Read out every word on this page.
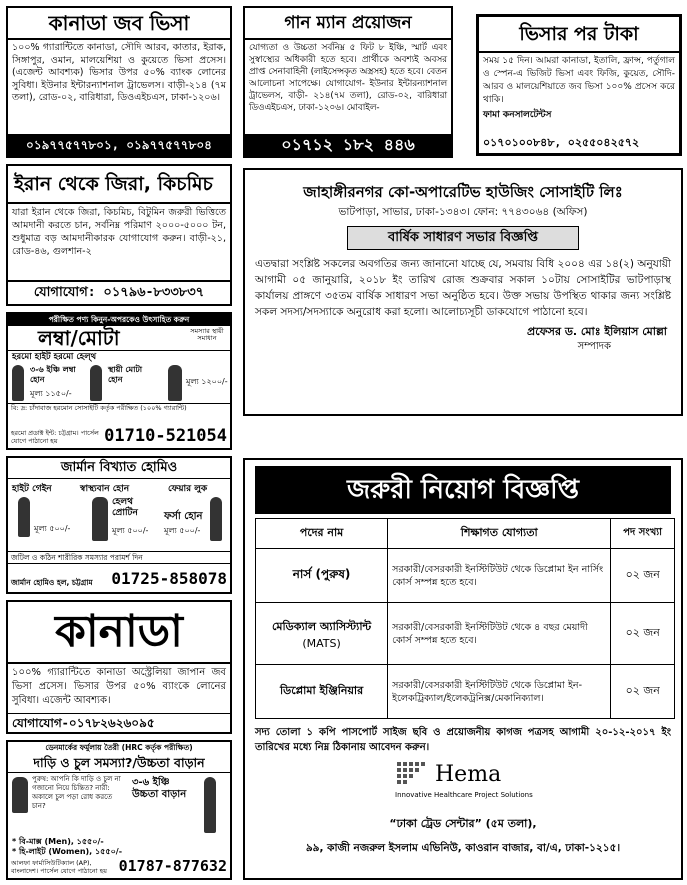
কানাডা জব ভিসা
১০০% গ্যারান্টিতে কানাডা, সৌদি আরব, কাতার, ইরাক, সিঙ্গাপুর, ওমান, মালয়েশিয়া ও কুয়েতে ভিসা প্রসেস। (এজেন্ট আবশ্যক) ভিসার উপর ৫০% ব্যাংক লোনের সুবিধা। ইউনার ইন্টারন্যাশনাল ট্রাভেলস। বাড়ী-২১৪ (৭ম তলা), রোড-০২, বারিধারা, ডিওএইচএস, ঢাকা-১২০৬।
০১৯৭৭৫৭৭৮০১, ০১৯৭৭৫৭৭৮০৪
ইরান থেকে জিরা, কিচমিচ
যারা ইরান থেকে জিরা, কিচমিচ, বিটুমিন জরুরী ভিত্তিতে আমদানী করতে চান, সর্বনিম্ন পরিমাণ ২০০০-৫০০০ টন, শুধুমাত্র বড় আমদানীকারক যোগাযোগ করুন। বাড়ী-২১, রোড-৪৬, গুলশান-২
যোগাযোগ: ০১৭৯৬-৮৩৩৮৩৭
পরীক্ষিত পণ্য কিনুন-অপরকেও উৎসাহিত করুন
লম্বা/মোটা	সমস্যার স্থায়ী সমাধান
হরমো হাইট হরমো হেল্থ
৩-৬ ইঞ্চি লম্বা হোন
মূল্য ১১৫০/-
স্থায়ী মোটা হোন	মূল্য ১২০০/-
বি: দ্র: চাঁদাবাজ হরমোন সোসাইটি কর্তৃক পরীক্ষিত (১০০% গ্যারান্টি)
হরমো প্রডাক্ট ইন্ট: চট্টগ্রাম। পার্সেল যোগে পাঠানো হয়	01710-521054
জার্মান বিখ্যাত হোমিও
হাইট গেইন
মূল্য ৫০০/-
স্বাস্থ্যবান হোন
হেলথ প্রোটিন
মূল্য ৫০০/-
ফেয়ার লুক
ফর্সা হোন
মূল্য ৫০০/-
জটিল ও কঠিন শারীরিক সমস্যার পরামর্শ দিন
জার্মান হোমিও হল, চট্টগ্রাম	01725-858078
কানাডা
১০০% গ্যারান্টিতে কানাডা অস্ট্রেলিয়া জাপান জব ভিসা প্রসেস। ভিসার উপর ৫০% ব্যাংকে লোনের সুবিধা। এজেন্ট আবশ্যক।
যোগাযোগ-০১৭৮২৬২৬০৯৫
ডেনমার্কের ফর্মুলায় তৈরী (HRC কর্তৃক পরীক্ষিত)
দাড়ি ও চুল সমস্যা?/উচ্চতা বাড়ান
পুরুষ: আপনি কি দাড়ি ও চুল না গজানো নিয়ে চিন্তিত? নারী: অকালে চুল পড়া রোধ করতে চান?
৩-৬ ইঞ্চি উচ্চতা বাড়ান
* বি-মাক্স (Men), ১৫৫০/-
* হি-লাইট (Women), ১৫৫০/-
আলফা ফার্মাসিউটিক্যাল (AP), বাংলাদেশ। পার্সেল যোগে পাঠানো হয় 01787-877632
গান ম্যান প্রয়োজন
যোগ্যতা ও উচ্চতা সর্বনিম্ন ৫ ফিট ৮ ইঞ্চি, স্মার্ট এবং সুস্বাস্থ্যের অধিকারী হতে হবে। প্রার্থীকে অবশ্যই অবসর প্রাপ্ত সেনাবাহিনী (লাইসেন্সকৃত অস্ত্রসহ) হতে হবে। বেতন আলোচনা সাপেক্ষে। যোগাযোগ- ইউনার ইন্টারন্যাশনাল ট্রাভেলস, বাড়ী- ২১৪(৭ম তলা), রোড-০২, বারিধারা ডিওএইচএস, ঢাকা-১২০৬। মোবাইল-
০১৭১২ ১৮২ ৪৪৬
ভিসার পর টাকা
সময় ১৫ দিন। আমরা কানাডা, ইতালি, ফ্রান্স, পর্তুগাল ও স্পেন-এ ভিজিট ভিসা এবং ফিজি, কুয়েত, সৌদি-আরব ও মালয়েশিয়াতে জব ভিসা ১০০% প্রসেস করে থাকি।
ফামা কনসালটেন্টস
০১৭০১০০৮৪৮, ০২৫৫০৪২৫৭২
জাহাঙ্গীরনগর কো-অপারেটিভ হাউজিং সোসাইটি লিঃ
ভাটপাড়া, সাভার, ঢাকা-১৩৪৩। ফোন: ৭৭৪৩০৬৪ (অফিস)
বার্ষিক সাধারণ সভার বিজ্ঞপ্তি
এতদ্বারা সংশ্লিষ্ট সকলের অবগতির জন্য জানানো যাচ্ছে যে, সমবায় বিধি ২০০৪ এর ১৪(২) অনুযায়ী আগামী ০৫ জানুয়ারি, ২০১৮ ইং তারিখ রোজ শুক্রবার সকাল ১০টায় সোসাইটির ভাটপাড়াস্থ কার্যালয় প্রাঙ্গণে ৩৫তম বার্ষিক সাধারণ সভা অনুষ্ঠিত হবে। উক্ত সভায় উপস্থিত থাকার জন্য সংশ্লিষ্ট সকল সদস্য/সদস্যাকে অনুরোধ করা হলো। আলোচ্যসূচী ডাকযোগে পাঠানো হবে।
প্রফেসর ড. মোঃ ইলিয়াস মোল্লা
সম্পাদক
জরুরী নিয়োগ বিজ্ঞপ্তি
পদের নাম	শিক্ষাগত যোগ্যতা	পদ সংখ্যা

নার্স (পুরুষ)	সরকারী/বেসরকারী ইনস্টিটিউট থেকে ডিপ্লোমা ইন নার্সিং কোর্স সম্পন্ন হতে হবে।	০২ জন

মেডিক্যাল অ্যাসিস্ট্যান্ট
(MATS)	সরকারী/বেসরকারী ইনস্টিটিউট থেকে ৪ বছর মেয়াদী কোর্স সম্পন্ন হতে হবে।	০২ জন

ডিপ্লোমা ইঞ্জিনিয়ার	সরকারী/বেসরকারী ইনস্টিটিউট থেকে ডিপ্লোমা ইন-ইলেকট্রিক্যাল/ইলেকট্রনিক্স/মেকানিক্যাল।	০২ জন
সদ্য তোলা ১ কপি পাসপোর্ট সাইজ ছবি ও প্রয়োজনীয় কাগজ পত্রসহ আগামী ২০-১২-২০১৭ ইং তারিখের মধ্যে নিম্ন ঠিকানায় আবেদন করুন।
Hema
Innovative Healthcare Project Solutions
“ঢাকা ট্রেড সেন্টার” (৫ম তলা),
৯৯, কাজী নজরুল ইসলাম এভিনিউ, কাওরান বাজার, বা/এ, ঢাকা-১২১৫।
